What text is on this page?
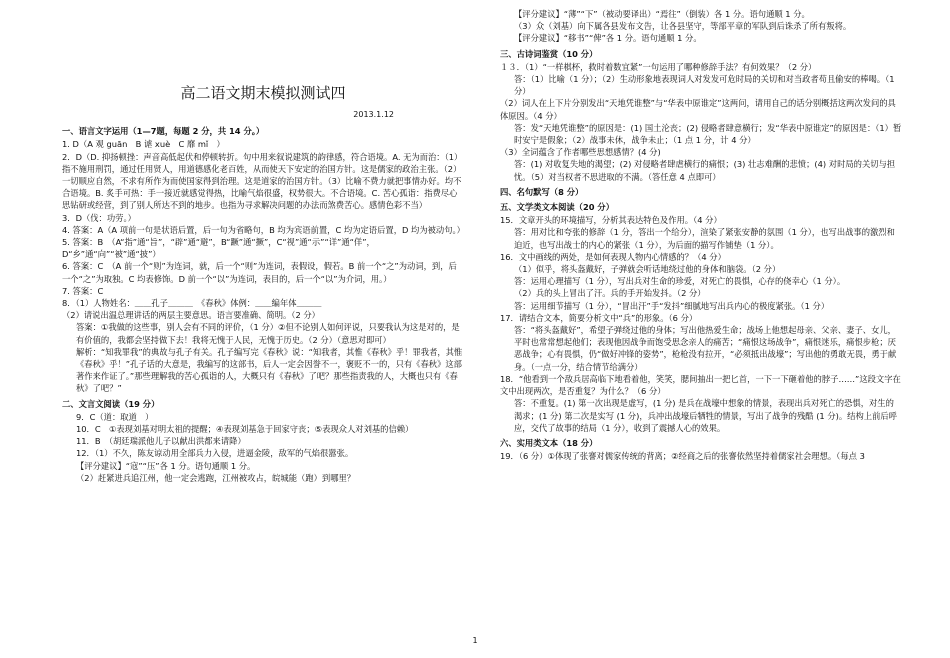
高二语文期末模拟测试四
2013.1.12
一、语言文字运用（1—7题，每题 2 分，共 14 分。）
1. D（A 观 guān　B 谑 xuè　C 靡 mǐ　）
2．D（D. 抑扬顿挫：声音高低起伏和停顿转折。句中用来叙说建筑的韵律感，符合语境。A. 无为而治：（1）指不施用刑罚，通过任用贤人，用道德感化老百姓，从而使天下安定的治国方针。这是儒家的政治主张。（2）一切顺应自然，不求有所作为而使国家得到治理。这是道家的治国方针。（3）比喻不费力就把事情办好。均不合语境。B. 炙手可热：手一接近就感觉得热，比喻气焰很盛，权势很大。不合语境。C. 苦心孤诣：指费尽心思钻研或经营，到了别人所达不到的地步。也指为寻求解决问题的办法而煞费苦心。感情色彩不当）
3．D（伐：功劳。）
4. 答案：A（A 项前一句是状语后置，后一句为省略句，B 均为宾语前置，C 均为定语后置，D 均为被动句。）
5. 答案：B　（A“指”通“旨”，“辟”通“避”，B“蹶”通“撅”，C“视”通“示”“详”通“佯”，D“乡”通“向”“被”通“披”）
6. 答案：C　（A 前一个“则”为连词，就，后一个“则”为连词，表假设，假若。B 前一个“之”为动词，到，后一个“之”为取独。C 均表修饰。D 前一个“以”为连词，表目的，后一个“以”为介词，用。）
7. 答案：C
8．（1）人物姓名：＿＿孔子＿＿＿　《春秋》体例：＿＿编年体＿＿＿
（2）请说出温总理讲话的两层主要意思。语言要准确、简明。（2 分）
答案：①我做的这些事，别人会有不同的评价，（1 分）②但不论别人如何评说，只要我认为这是对的，是有价值的，我都会坚持做下去！我将无愧于人民，无愧于历史。（2 分）（意思对即可）
解析：“知我罪我”的典故与孔子有关。孔子编写完《春秋》说：“知我者，其惟《春秋》乎！罪我者，其惟《春秋》乎！”孔子话的大意是，我编写的这部书，后人一定会因誉不一，褒贬不一的，只有《春秋》这部著作来作证了。”那些理解我的苦心孤诣的人，大概只有《春秋》了吧？那些指责我的人，大概也只有《春秋》了吧？”
二、文言文阅读（19 分）
9．C（道：取道　）
10．C　①表现刘基对明太祖的提醒；④表现刘基急于回家守丧；⑤表现众人对刘基的信赖）
11．B　（胡廷瑞派他儿子以献出洪都来请降）
12．（1）不久，陈友谅动用全部兵力入侵，进逼金陵，敌军的气焰很嚣张。
【评分建议】“寇”“压”各 1 分。语句通顺 1 分。
（2）赶紧进兵追江州，他一定会逃跑，江州被攻占，皖城能（跑）到哪里？
【评分建议】“薄”“下”（被动要译出）“焉往”（倒装）各 1 分。语句通顺 1 分。
（3）众（刘基）向下属各县发布文告，让各县坚守，等部平章的军队到后诛杀了所有叛将。
【评分建议】“移书”“俾”各 1 分。语句通顺 1 分。
三、古诗词鉴赏（10 分）
１３．（1）“一样棋杯，救时着数宜紧”一句运用了哪种修辞手法？有何效果？（2 分）
答：（1）比喻（1 分）；（2）生动形象地表现词人对发发可危时局的关切和对当政者苟且偷安的棒喝。（1 分）
（2）词人在上下片分别发出“天地凭谁整”与“华表中原谁定”这两问，请用自己的话分别概括这两次发问的具体原因。（4 分）
答：发“天地凭谁整”的原因是：(1) 国土沦丧；(2) 侵略者肆意横行；发“华表中原谁定”的原因是：（1）暂时安宁是假象；（2）战事未休，战争未止；（1 点 1 分，计 4 分）
（3）全词蕴含了作者哪些思想感情？(4 分)
答：(1) 对收复失地的渴望；(2) 对侵略者肆虐横行的痛恨；(3) 壮志难酬的悲愤；(4) 对时局的关切与担忧。（5）对当权者不思进取的不满。（答任意 4 点即可）
四、名句默写（8 分）
五、文学类文本阅读（20 分）
15．文章开头的环境描写，分析其表达特色及作用。（4 分）
答：用对比和夸张的修辞（1 分，答出一个给分），渲染了紧张安静的氛围（1 分），也写出战事的激烈和迫近，也写出战士的内心的紧张（1 分），为后面的描写作铺垫（1 分）。
16．文中画线的两处，是如何表现人物内心情感的？（4 分）
（1）似乎，将头盔戴好，子弹就会听话地绕过他的身体和脑袋。（2 分）
答：运用心理描写（1 分），写出兵对生命的珍爱，对死亡的畏惧，心存的侥幸心（1 分）。
（2）兵的头上冒出了汗。兵的手开始发抖。（2 分）
答：运用细节描写（1 分），“冒出汗”手“发抖”细腻地写出兵内心的极度紧张。（1 分）
17．请结合文本，简要分析文中“兵”的形象。（6 分）
答：“将头盔戴好”，希望子弹绕过他的身体；写出他热爱生命；战场上他想起母亲、父亲、妻子、女儿，平时也常常想起他们；表现他因战争而饱受思念亲人的痛苦；“痛恨这场战争”，痛恨迷乐，痛恨步枪；厌恶战争；心有畏惧，仍“做好冲锋的姿势”，枪枪没有拉开，“必须抵出战壕”；写出他的勇敢无畏，勇于献身。（一点一分，结合情节给满分）
18．“他看到一个敌兵居高临下地看着他，笑笑，腮间抽出一把匕首，一下一下砸着他的脖子……”这段文字在文中出现两次，是否重复？为什么？（6 分）
答：不重复。(1) 第一次出现是虚写，(1 分) 是兵在战壕中想象的情景，表现出兵对死亡的恐惧，对生的渴求；(1 分) 第二次是实写 (1 分)，兵冲出战壕后牺牲的情景，写出了战争的残酷 (1 分)。结构上前后呼应，交代了故事的结局（1 分），收到了震撼人心的效果。
六、实用类文本（18 分）
19．（6 分）①体现了张謇对儒家传统的背离；②经商之后的张謇依然坚持着儒家社会理想。（每点 3
1
